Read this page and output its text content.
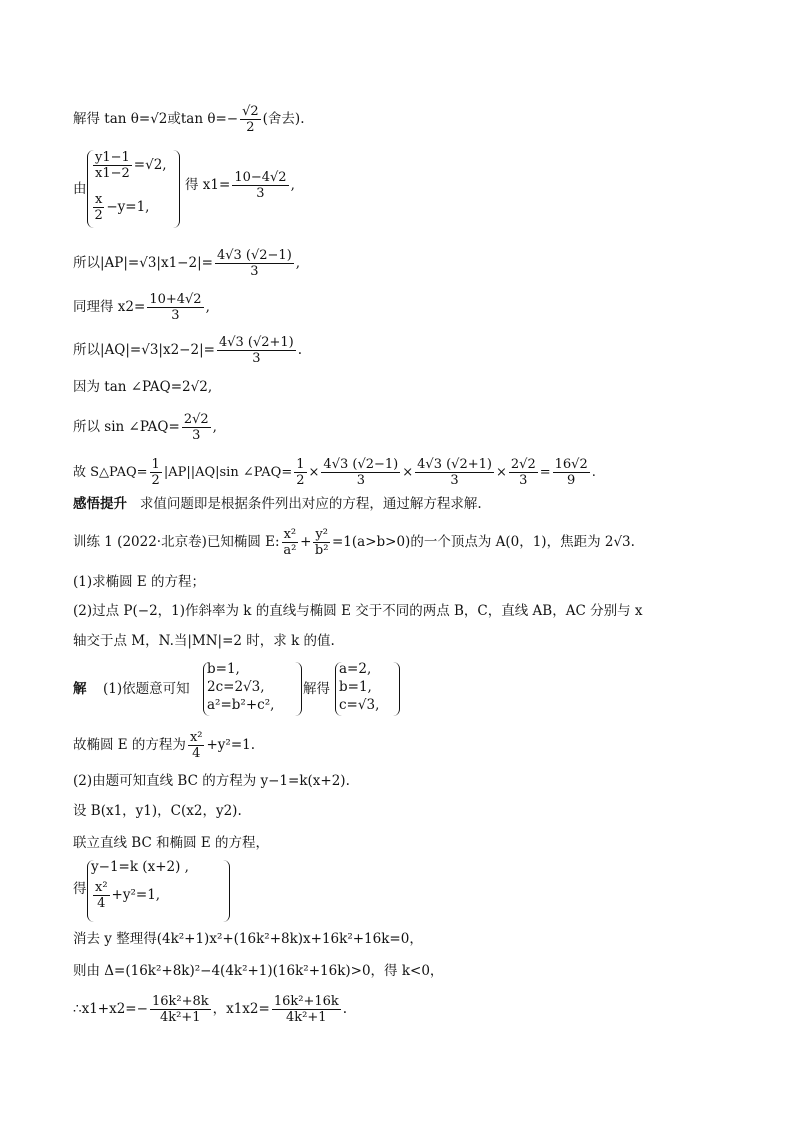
解得 tan θ=√2或$\tan \theta=- \frac{√2}{2}$ (舍去).
由
$\frac{y1-1}{x1-2} =√2$,
$\frac{x}{2} -y=1$,
得 $x1= \frac{10-4√2}{3}$ ,
所以$|AP|=√3|x1-2|= \frac{4√3 (√2-1)}{3}$ ,
同理得 $x2= \frac{10+4√2}{3}$ ,
所以$|AQ|=√3|x2-2|= \frac{4√3 (√2+1)}{3}$ .
因为 tan ∠PAQ=2√2,
所以 sin ∠PAQ= $\frac{2√2}{3}$ ,
故 S△PAQ= $\frac{1}{2} |AP||AQ|\sin$ ∠PAQ= $\frac{1}{2} \times \frac{4√3 (√2-1)}{3} \times \frac{4√3 (√2+1)}{3} \times \frac{2√2}{3} = \frac{16√2}{9}$ .
感悟提升 求值问题即是根据条件列出对应的方程，通过解方程求解.
训练 1 (2022·北京卷)已知椭圆 E: $\frac{\text{x²}}{\text{a²}} + \frac{\text{y²}}{\text{b²}} =1(a>b>0)$的一个顶点为 A(0，1)，焦距为 2√3.
(1)求椭圆 E 的方程；
(2)过点 P(−2，1)作斜率为 k 的直线与椭圆 E 交于不同的两点 B，C，直线 AB，AC 分别与 x
轴交于点 M，N.当|MN|=2 时，求 k 的值.
解 (1)依题意可知
b=1,
2c=2√3,
a²=b²+c²,
解得
a=2,
b=1,
c=√3,
故椭圆 E 的方程为 $\frac{\text{x²}}{4} +y^2=1$.
(2)由题可知直线 BC 的方程为 y−1=k(x+2).
设 B(x1，y1)，C(x2，y2).
联立直线 BC 和椭圆 E 的方程，
得
y−1=k (x+2) ,
$\frac{\text{x²}}{4} +y^2=1$,
消去 y 整理得(4k²+1)x²+(16k²+8k)x+16k²+16k=0，
则由 Δ=(16k²+8k)²−4(4k²+1)(16k²+16k)>0，得 k<0，
∴x1+x2=− $\frac{\text{16k²+8k}}{\text{4k²+1}}$ ，$x1x2= \frac{\text{16k²+16k}}{\text{4k²+1}}$ .
